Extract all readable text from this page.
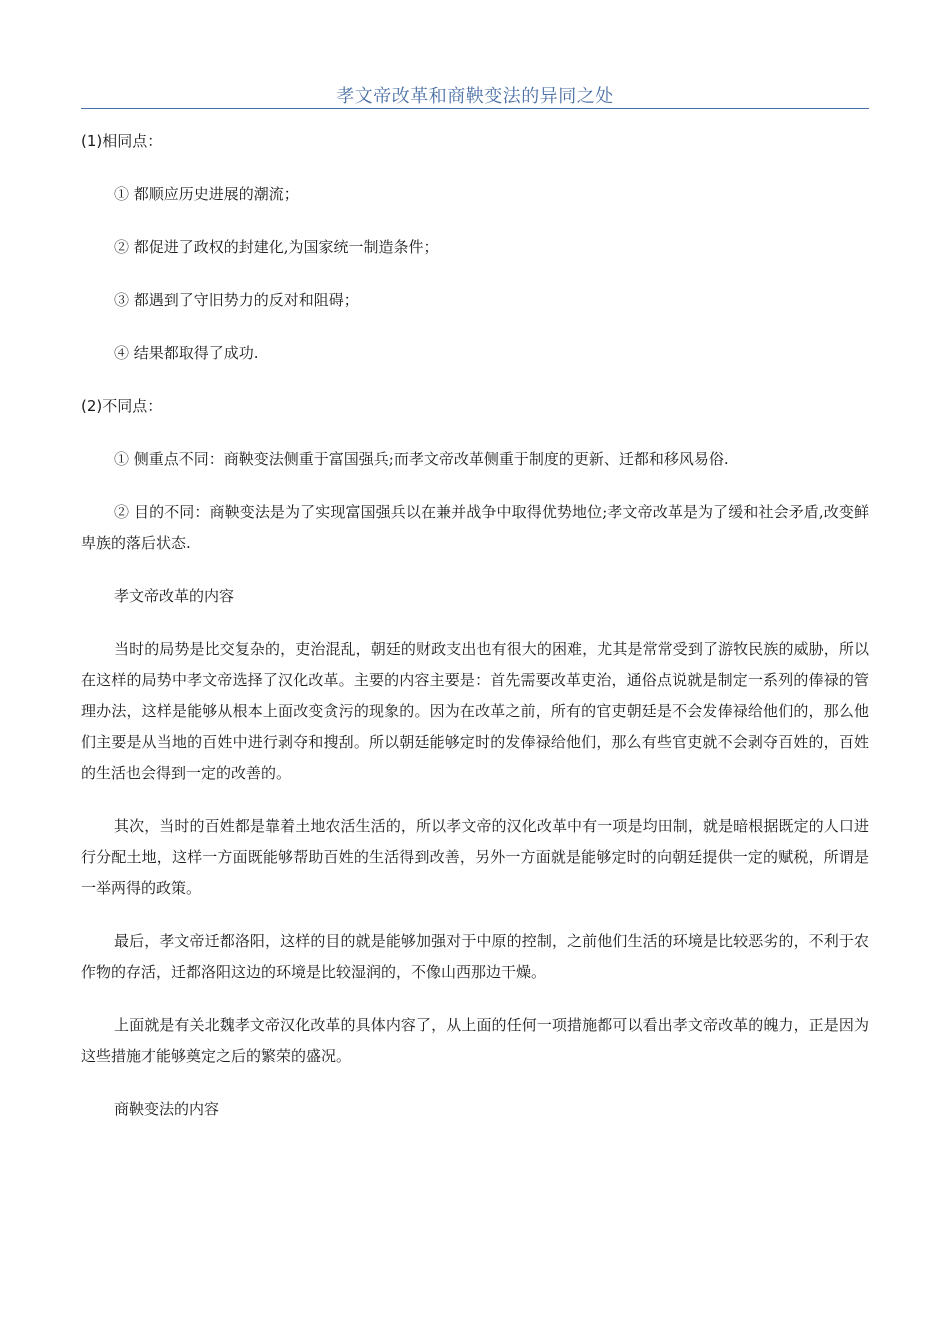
孝文帝改革和商鞅变法的异同之处

(1)相同点：

① 都顺应历史进展的潮流；

② 都促进了政权的封建化,为国家统一制造条件；

③ 都遇到了守旧势力的反对和阻碍；

④ 结果都取得了成功.

(2)不同点：

① 侧重点不同：商鞅变法侧重于富国强兵;而孝文帝改革侧重于制度的更新、迁都和移风易俗.

② 目的不同：商鞅变法是为了实现富国强兵以在兼并战争中取得优势地位;孝文帝改革是为了缓和社会矛盾,改变鲜卑族的落后状态.

孝文帝改革的内容

当时的局势是比交复杂的，吏治混乱，朝廷的财政支出也有很大的困难，尤其是常常受到了游牧民族的威胁，所以在这样的局势中孝文帝选择了汉化改革。主要的内容主要是：首先需要改革吏治，通俗点说就是制定一系列的俸禄的管理办法，这样是能够从根本上面改变贪污的现象的。因为在改革之前，所有的官吏朝廷是不会发俸禄给他们的，那么他们主要是从当地的百姓中进行剥夺和搜刮。所以朝廷能够定时的发俸禄给他们，那么有些官吏就不会剥夺百姓的，百姓的生活也会得到一定的改善的。

其次，当时的百姓都是靠着土地农活生活的，所以孝文帝的汉化改革中有一项是均田制，就是暗根据既定的人口进行分配土地，这样一方面既能够帮助百姓的生活得到改善，另外一方面就是能够定时的向朝廷提供一定的赋税，所谓是一举两得的政策。

最后，孝文帝迁都洛阳，这样的目的就是能够加强对于中原的控制，之前他们生活的环境是比较恶劣的，不利于农作物的存活，迁都洛阳这边的环境是比较湿润的，不像山西那边干燥。

上面就是有关北魏孝文帝汉化改革的具体内容了，从上面的任何一项措施都可以看出孝文帝改革的魄力，正是因为这些措施才能够奠定之后的繁荣的盛况。

商鞅变法的内容
